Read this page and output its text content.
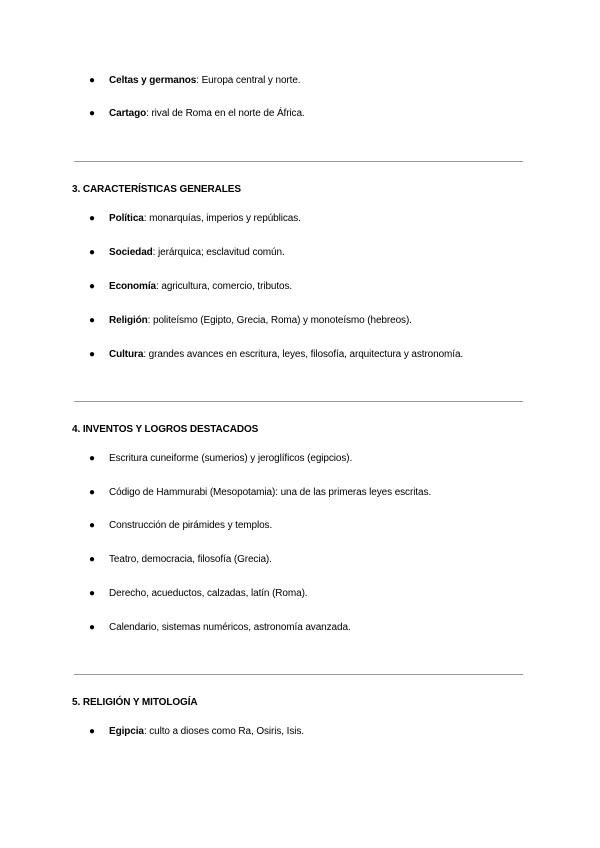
● Celtas y germanos: Europa central y norte.
● Cartago: rival de Roma en el norte de África.
3. CARACTERÍSTICAS GENERALES
● Política: monarquías, imperios y repúblicas.
● Sociedad: jerárquica; esclavitud común.
● Economía: agricultura, comercio, tributos.
● Religión: politeísmo (Egipto, Grecia, Roma) y monoteísmo (hebreos).
● Cultura: grandes avances en escritura, leyes, filosofía, arquitectura y astronomía.
4. INVENTOS Y LOGROS DESTACADOS
● Escritura cuneiforme (sumerios) y jeroglíficos (egipcios).
● Código de Hammurabi (Mesopotamia): una de las primeras leyes escritas.
● Construcción de pirámides y templos.
● Teatro, democracia, filosofía (Grecia).
● Derecho, acueductos, calzadas, latín (Roma).
● Calendario, sistemas numéricos, astronomía avanzada.
5. RELIGIÓN Y MITOLOGÍA
● Egipcia: culto a dioses como Ra, Osiris, Isis.
